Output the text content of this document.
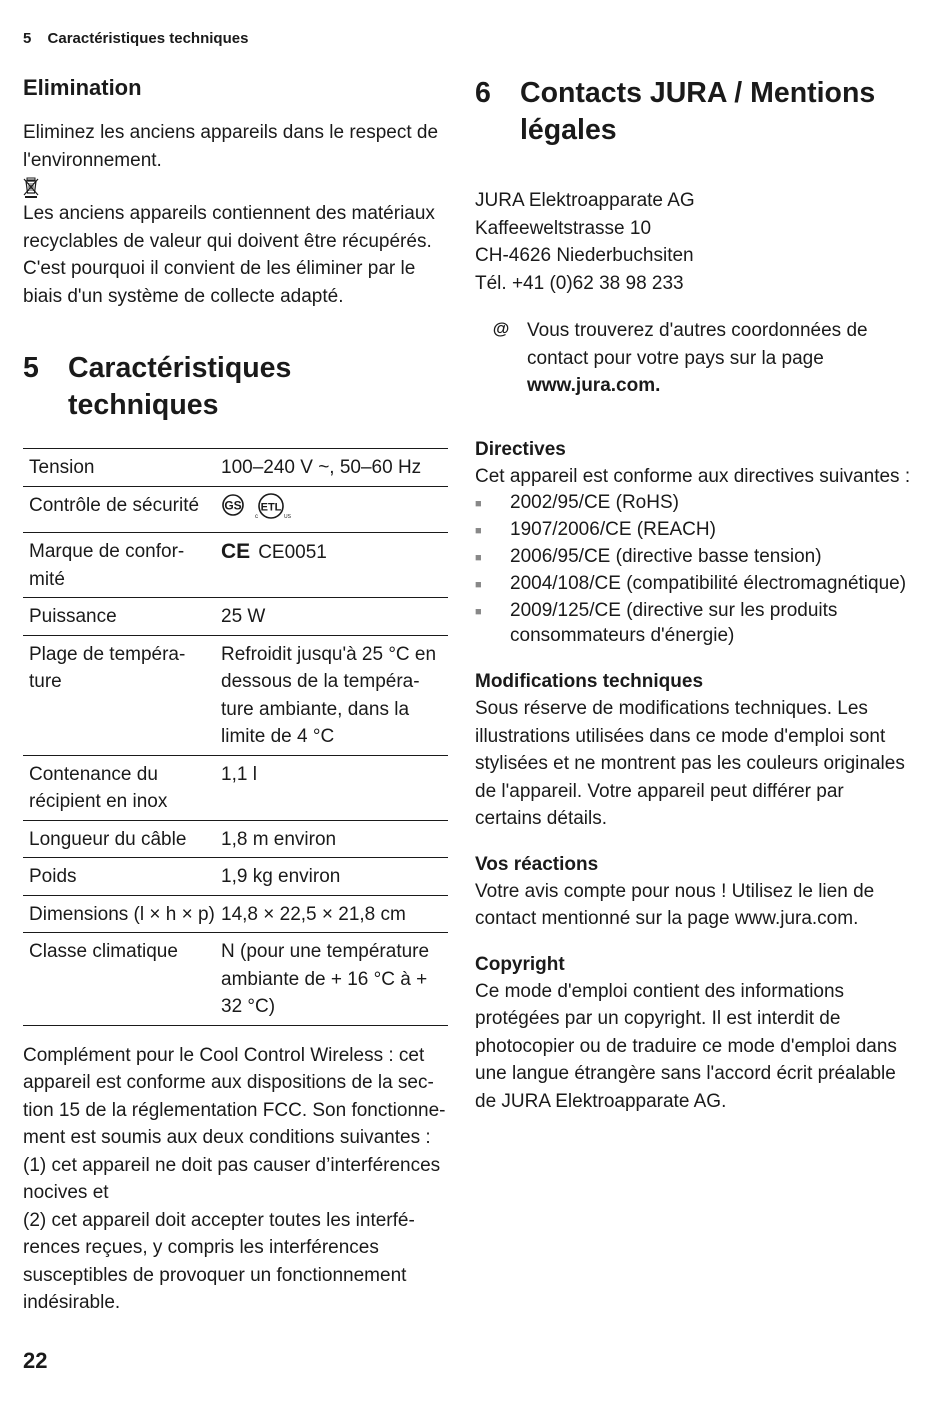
5 Caractéristiques techniques
Elimination

Eliminez les anciens appareils dans le respect de l'environnement.

Les anciens appareils contiennent des matériaux recyclables de valeur qui doivent être récupérés. C'est pourquoi il convient de les éliminer par le biais d'un système de collecte adapté.

5	Caractéristiques techniques
Tension	100–240 V ~, 50–60 Hz
Contrôle de sécurité	GS
c
ETL
US

Marque de confor-mité	CE CE0051
Puissance	25 W
Plage de tempéra-ture	Refroidit jusqu'à 25 °C en dessous de la tempéra-ture ambiante, dans la limite de 4 °C
Contenance du récipient en inox	1,1 l
Longueur du câble	1,8 m environ
Poids	1,9 kg environ
Dimensions (l × h × p)	14,8 × 22,5 × 21,8 cm
Classe climatique	N (pour une température ambiante de + 16 °C à + 32 °C)

Complément pour le Cool Control Wireless : cet appareil est conforme aux dispositions de la sec-tion 15 de la réglementation FCC. Son fonctionne-ment est soumis aux deux conditions suivantes :

(1) cet appareil ne doit pas causer d’interférences nocives et

(2) cet appareil doit accepter toutes les interfé-rences reçues, y compris les interférences susceptibles de provoquer un fonctionnement indésirable.

6	Contacts JURA / Mentions légales

JURA Elektroapparate AG

Kaffeeweltstrasse 10

CH-4626 Niederbuchsiten

Tél. +41 (0)62 38 98 233

@ Vous trouverez d'autres coordonnées de contact pour votre pays sur la page www.jura.com.

Directives

Cet appareil est conforme aux directives suivantes :

■	2002/95/CE (RoHS)
■	1907/2006/CE (REACH)
■	2006/95/CE (directive basse tension)
■	2004/108/CE (compatibilité électromagnétique)
■	2009/125/CE (directive sur les produits consommateurs d'énergie)
Modifications techniques

Sous réserve de modifications techniques. Les illustrations utilisées dans ce mode d'emploi sont stylisées et ne montrent pas les couleurs originales de l'appareil. Votre appareil peut différer par certains détails.

Vos réactions

Votre avis compte pour nous ! Utilisez le lien de contact mentionné sur la page www.jura.com.

Copyright

Ce mode d'emploi contient des informations protégées par un copyright. Il est interdit de photocopier ou de traduire ce mode d'emploi dans une langue étrangère sans l'accord écrit préalable de JURA Elektroapparate AG.

22
